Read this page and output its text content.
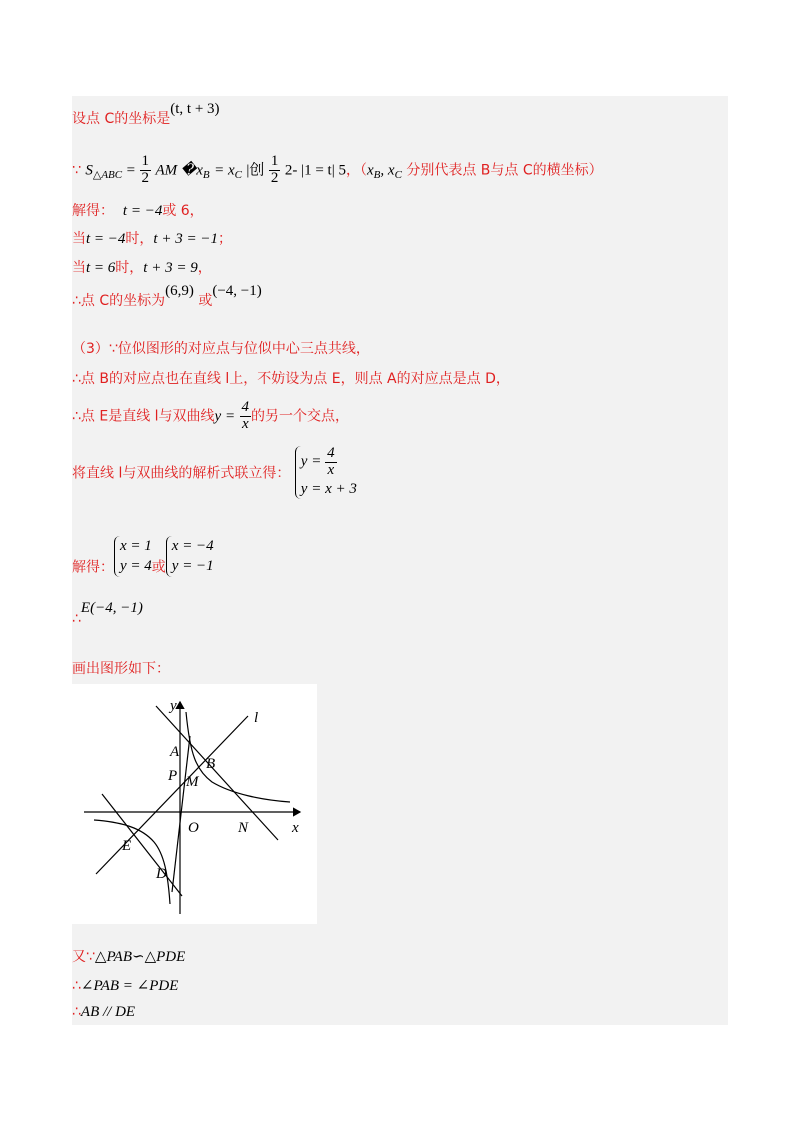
设点 C的坐标是(t, t + 3)
∵ $S_{\triangle ABC} = \frac{1}{2}$ AM $�x_B = x_C$ |创 $\frac{1}{2} 2-$ |1 = t| 5，（$x_B$, $x_C$ 分别代表点 B与点 C的横坐标）
解得： t = −4或 6，
当t = −4时，t + 3 = −1；
当t = 6时，t + 3 = 9，
∴点 C的坐标为(6,9) 或(−4, −1)
（3）∵位似图形的对应点与位似中心三点共线，
∴点 B的对应点也在直线 l上，不妨设为点 E，则点 A的对应点是点 D，
∴点 E是直线 l与双曲线$y = \frac{4}{x}$ 的另一个交点，
将直线 l与双曲线的解析式联立得：
$y = \frac{4}{x}$
y = x + 3
解得：
x = 1
y = 4 或
x = −4
y = −1
∴E(−4, −1)
画出图形如下：
y
x
l
A
B
P M
O	N
E
D
又∵△PAB∽△PDE
∴∠PAB = ∠PDE
∴AB // DE
